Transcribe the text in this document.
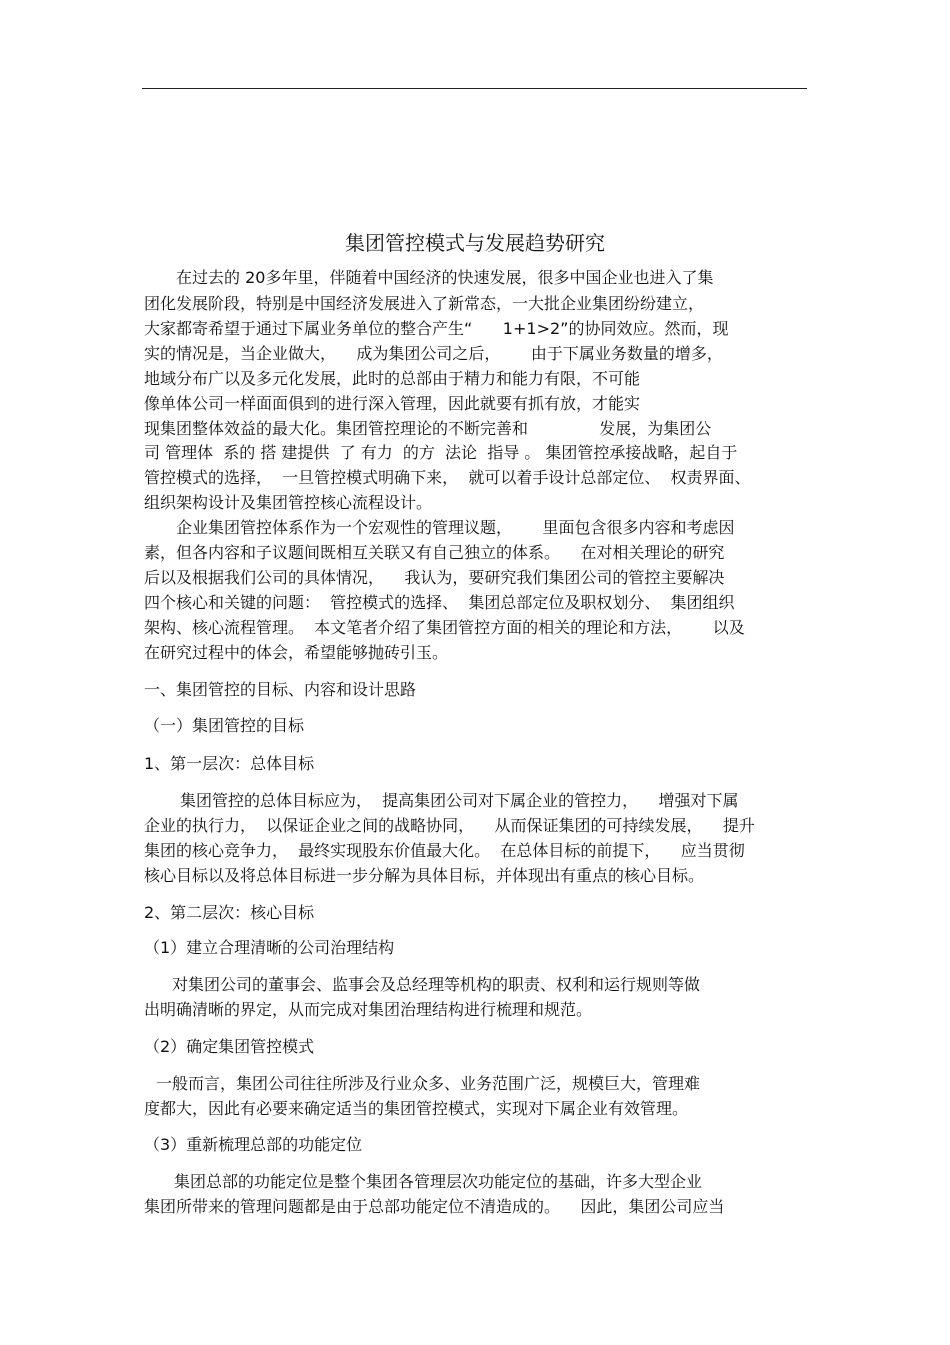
集团管控模式与发展趋势研究
在过去的 20多年里，伴随着中国经济的快速发展，很多中国企业也进入了集
团化发展阶段，特别是中国经济发展进入了新常态，一大批企业集团纷纷建立，
大家都寄希望于通过下属业务单位的整合产生“      1+1>2”的协同效应。然而，现
实的情况是，当企业做大，    成为集团公司之后，      由于下属业务数量的增多，
地域分布广以及多元化发展，此时的总部由于精力和能力有限，不可能
像单体公司一样面面俱到的进行深入管理，因此就要有抓有放，才能实
现集团整体效益的最大化。集团管控理论的不断完善和              发展，为集团公
司 管理体  系的 搭 建提供  了 有力  的方  法论  指导 。 集团管控承接战略，起自于
管控模式的选择，  一旦管控模式明确下来，  就可以着手设计总部定位、  权责界面、
组织架构设计及集团管控核心流程设计。
企业集团管控体系作为一个宏观性的管理议题，      里面包含很多内容和考虑因
素，但各内容和子议题间既相互关联又有自己独立的体系。    在对相关理论的研究
后以及根据我们公司的具体情况，    我认为，要研究我们集团公司的管控主要解决
四个核心和关键的问题：  管控模式的选择、  集团总部定位及职权划分、  集团组织
架构、核心流程管理。  本文笔者介绍了集团管控方面的相关的理论和方法，      以及
在研究过程中的体会，希望能够抛砖引玉。
一、集团管控的目标、内容和设计思路
（一）集团管控的目标
1、第一层次：总体目标
集团管控的总体目标应为，  提高集团公司对下属企业的管控力，    增强对下属
企业的执行力，  以保证企业之间的战略协同，    从而保证集团的可持续发展，    提升
集团的核心竞争力，  最终实现股东价值最大化。  在总体目标的前提下，    应当贯彻
核心目标以及将总体目标进一步分解为具体目标，并体现出有重点的核心目标。
2、第二层次：核心目标
（1）建立合理清晰的公司治理结构
对集团公司的董事会、监事会及总经理等机构的职责、权利和运行规则等做
出明确清晰的界定，从而完成对集团治理结构进行梳理和规范。
（2）确定集团管控模式
一般而言，集团公司往往所涉及行业众多、业务范围广泛，规模巨大，管理难
度都大，因此有必要来确定适当的集团管控模式，实现对下属企业有效管理。
（3）重新梳理总部的功能定位
集团总部的功能定位是整个集团各管理层次功能定位的基础，许多大型企业
集团所带来的管理问题都是由于总部功能定位不清造成的。    因此，集团公司应当
